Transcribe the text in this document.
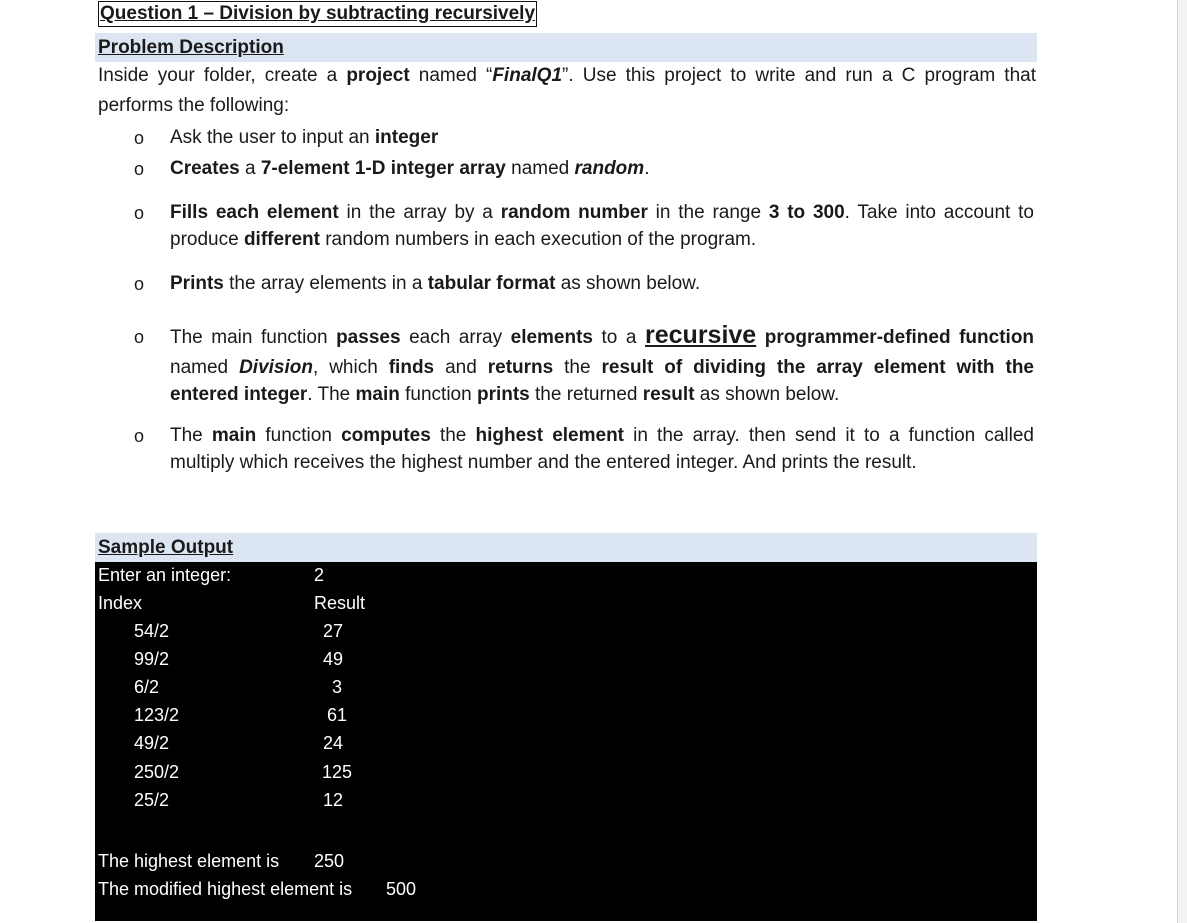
Question 1 – Division by subtracting recursively
Problem Description
Inside your folder, create a project named “FinalQ1”. Use this project to write and run a C program that
performs the following:
o Ask the user to input an integer
o Creates a 7-element 1-D integer array named random.
o Fills each element in the array by a random number in the range 3 to 300. Take into account to
produce different random numbers in each execution of the program.
o Prints the array elements in a tabular format as shown below.
o The main function passes each array elements to a recursive programmer-defined function
named Division, which finds and returns the result of dividing the array element with the
entered integer. The main function prints the returned result as shown below.
o The main function computes the highest element in the array. then send it to a function called
multiply which receives the highest number and the entered integer. And prints the result.
Sample Output
Enter an integer:	2
Index	Result
54/2	27
99/2	49
6/2	3
123/2	61
49/2	24
250/2	125
25/2	12
The highest element is 250
The modified highest element is 500
